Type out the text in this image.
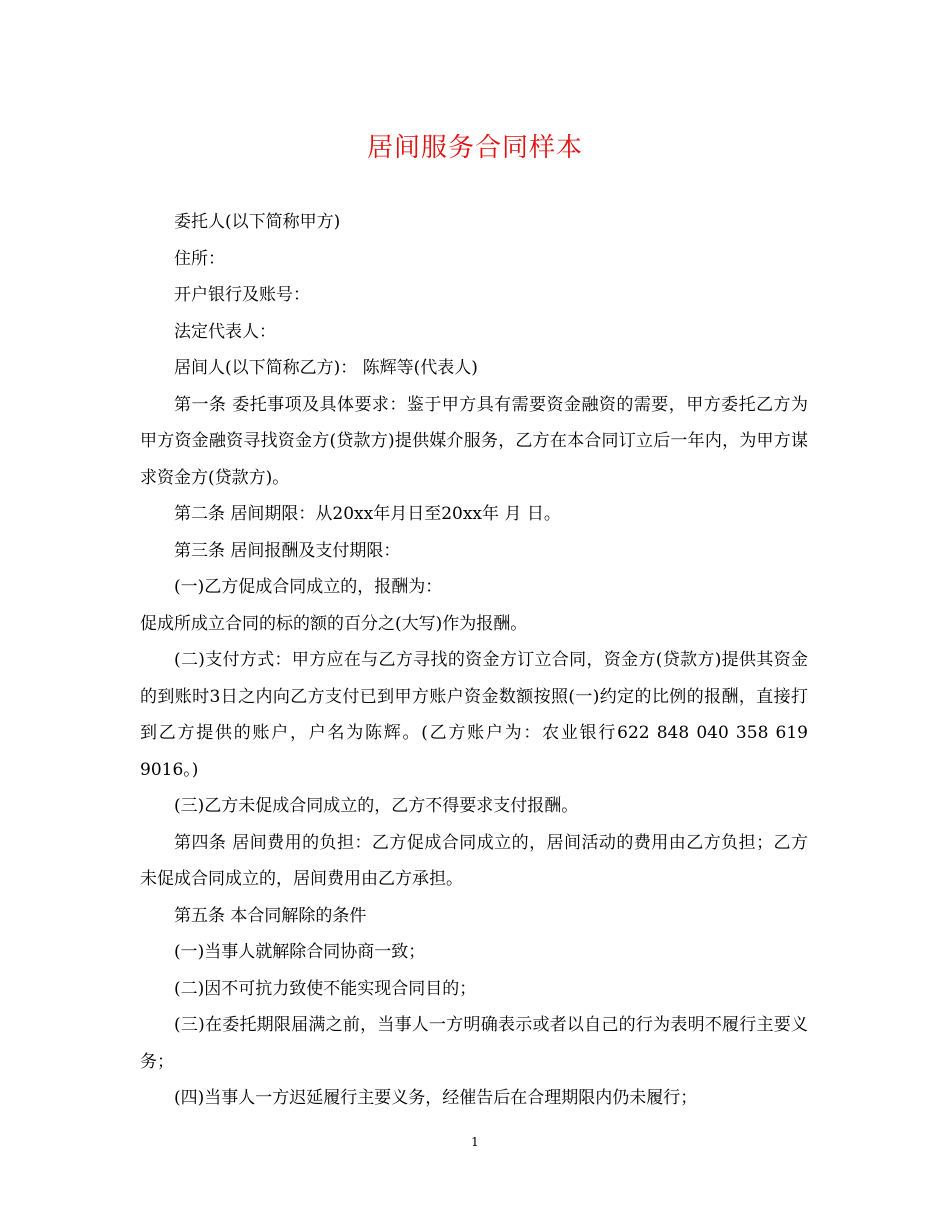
居间服务合同样本

委托人(以下简称甲方)

住所：

开户银行及账号：

法定代表人：

居间人(以下简称乙方)： 陈辉等(代表人)

第一条 委托事项及具体要求：鉴于甲方具有需要资金融资的需要，甲方委托乙方为甲方资金融资寻找资金方(贷款方)提供媒介服务，乙方在本合同订立后一年内，为甲方谋求资金方(贷款方)。

第二条 居间期限：从20xx年月日至20xx年 月 日。

第三条 居间报酬及支付期限：

(一)乙方促成合同成立的，报酬为：

促成所成立合同的标的额的百分之(大写)作为报酬。

(二)支付方式：甲方应在与乙方寻找的资金方订立合同，资金方(贷款方)提供其资金的到账时3日之内向乙方支付已到甲方账户资金数额按照(一)约定的比例的报酬，直接打到乙方提供的账户，户名为陈辉。(乙方账户为：农业银行622 848 040 358 619 9016。)

(三)乙方未促成合同成立的，乙方不得要求支付报酬。

第四条 居间费用的负担：乙方促成合同成立的，居间活动的费用由乙方负担；乙方未促成合同成立的，居间费用由乙方承担。

第五条 本合同解除的条件

(一)当事人就解除合同协商一致；

(二)因不可抗力致使不能实现合同目的；

(三)在委托期限届满之前，当事人一方明确表示或者以自己的行为表明不履行主要义务；

(四)当事人一方迟延履行主要义务，经催告后在合理期限内仍未履行；

1
